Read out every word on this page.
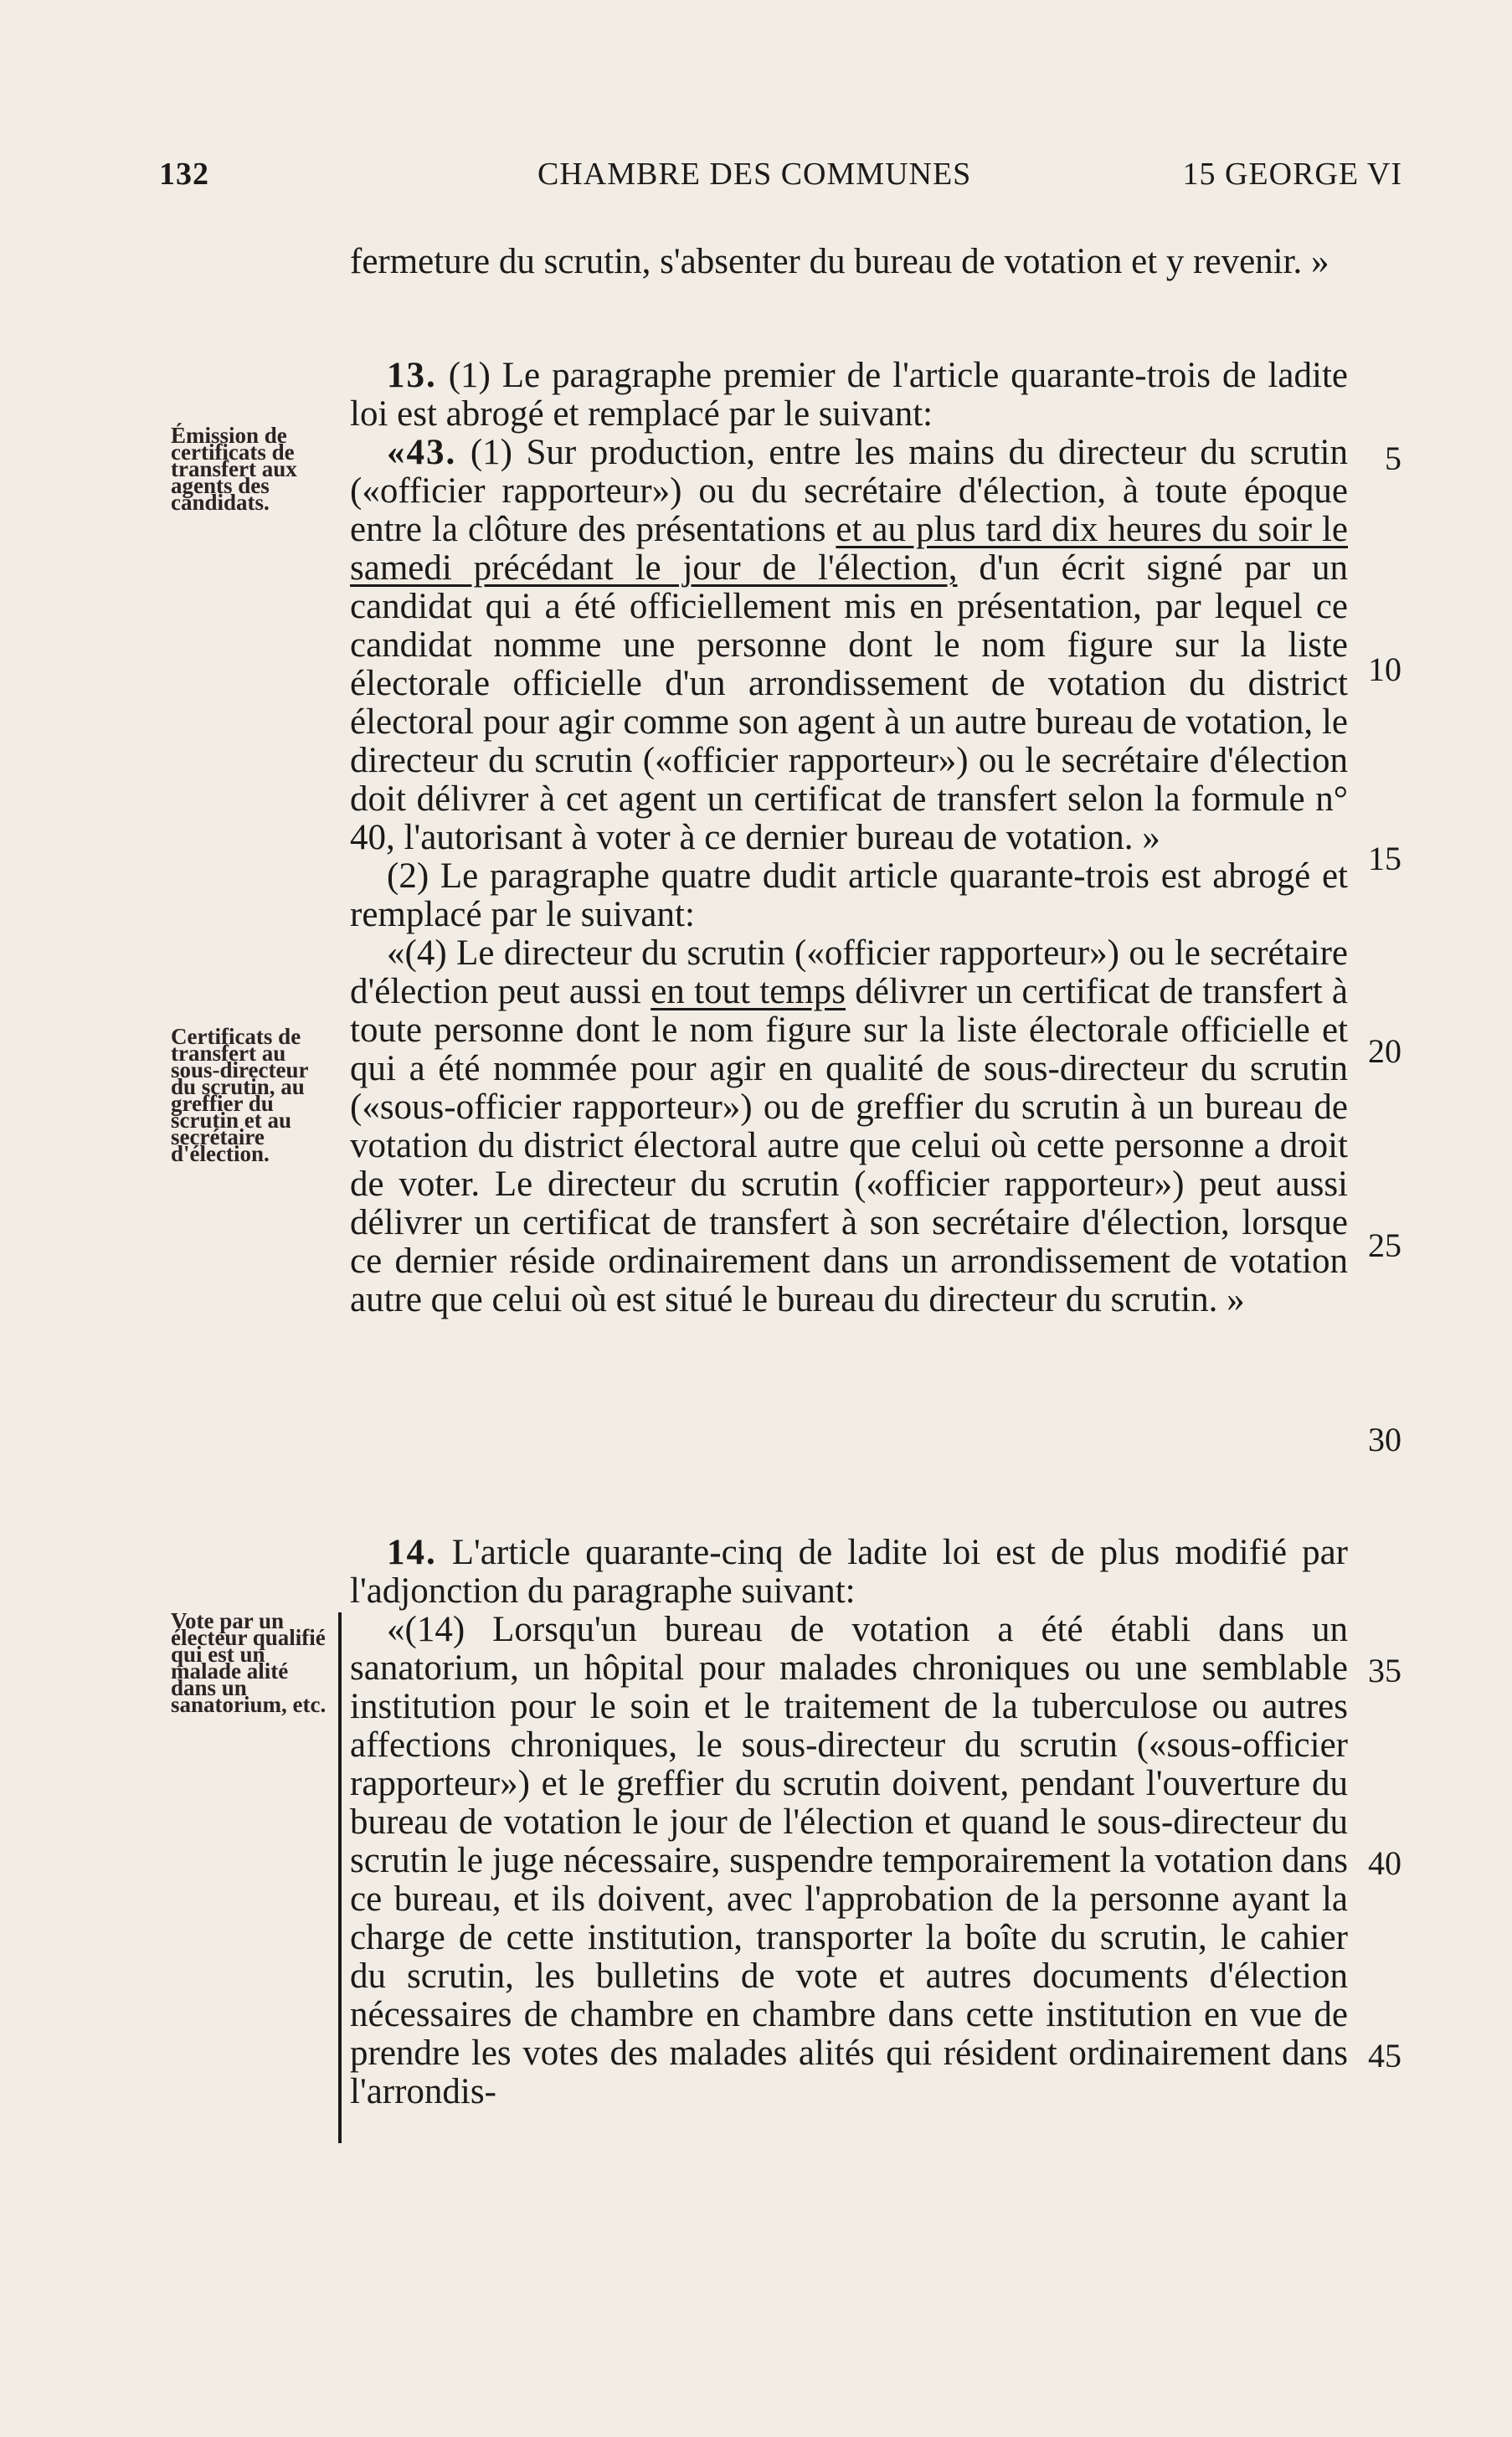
132	CHAMBRE DES COMMUNES	15 GEORGE VI
Émission de certificats de transfert aux agents des candidats.
Certificats de transfert au sous-directeur du scrutin, au greffier du scrutin et au secrétaire d'élection.
Vote par un électeur qualifié qui est un malade alité dans un sanatorium, etc.

fermeture du scrutin, s'absenter du bureau de votation et y revenir. »

13. (1) Le paragraphe premier de l'article quarante-trois de ladite loi est abrogé et remplacé par le suivant:

«43. (1) Sur production, entre les mains du directeur du scrutin («officier rapporteur») ou du secrétaire d'élection, à toute époque entre la clôture des présentations et au plus tard dix heures du soir le samedi précédant le jour de l'élection, d'un écrit signé par un candidat qui a été officiellement mis en présentation, par lequel ce candidat nomme une personne dont le nom figure sur la liste électorale officielle d'un arrondissement de votation du district électoral pour agir comme son agent à un autre bureau de votation, le directeur du scrutin («officier rapporteur») ou le secrétaire d'élection doit délivrer à cet agent un certificat de transfert selon la formule n° 40, l'autorisant à voter à ce dernier bureau de votation. »

(2) Le paragraphe quatre dudit article quarante-trois est abrogé et remplacé par le suivant:

«(4) Le directeur du scrutin («officier rapporteur») ou le secrétaire d'élection peut aussi en tout temps délivrer un certificat de transfert à toute personne dont le nom figure sur la liste électorale officielle et qui a été nommée pour agir en qualité de sous-directeur du scrutin («sous-officier rapporteur») ou de greffier du scrutin à un bureau de votation du district électoral autre que celui où cette personne a droit de voter. Le directeur du scrutin («officier rapporteur») peut aussi délivrer un certificat de transfert à son secrétaire d'élection, lorsque ce dernier réside ordinairement dans un arrondissement de votation autre que celui où est situé le bureau du directeur du scrutin. »

14. L'article quarante-cinq de ladite loi est de plus modifié par l'adjonction du paragraphe suivant:

«(14) Lorsqu'un bureau de votation a été établi dans un sanatorium, un hôpital pour malades chroniques ou une semblable institution pour le soin et le traitement de la tuberculose ou autres affections chroniques, le sous-directeur du scrutin («sous-officier rapporteur») et le greffier du scrutin doivent, pendant l'ouverture du bureau de votation le jour de l'élection et quand le sous-directeur du scrutin le juge nécessaire, suspendre temporairement la votation dans ce bureau, et ils doivent, avec l'approbation de la personne ayant la charge de cette institution, transporter la boîte du scrutin, le cahier du scrutin, les bulletins de vote et autres documents d'élection nécessaires de chambre en chambre dans cette institution en vue de prendre les votes des malades alités qui résident ordinairement dans l'arrondis-

5
10
15
20
25
30
35
40
45
